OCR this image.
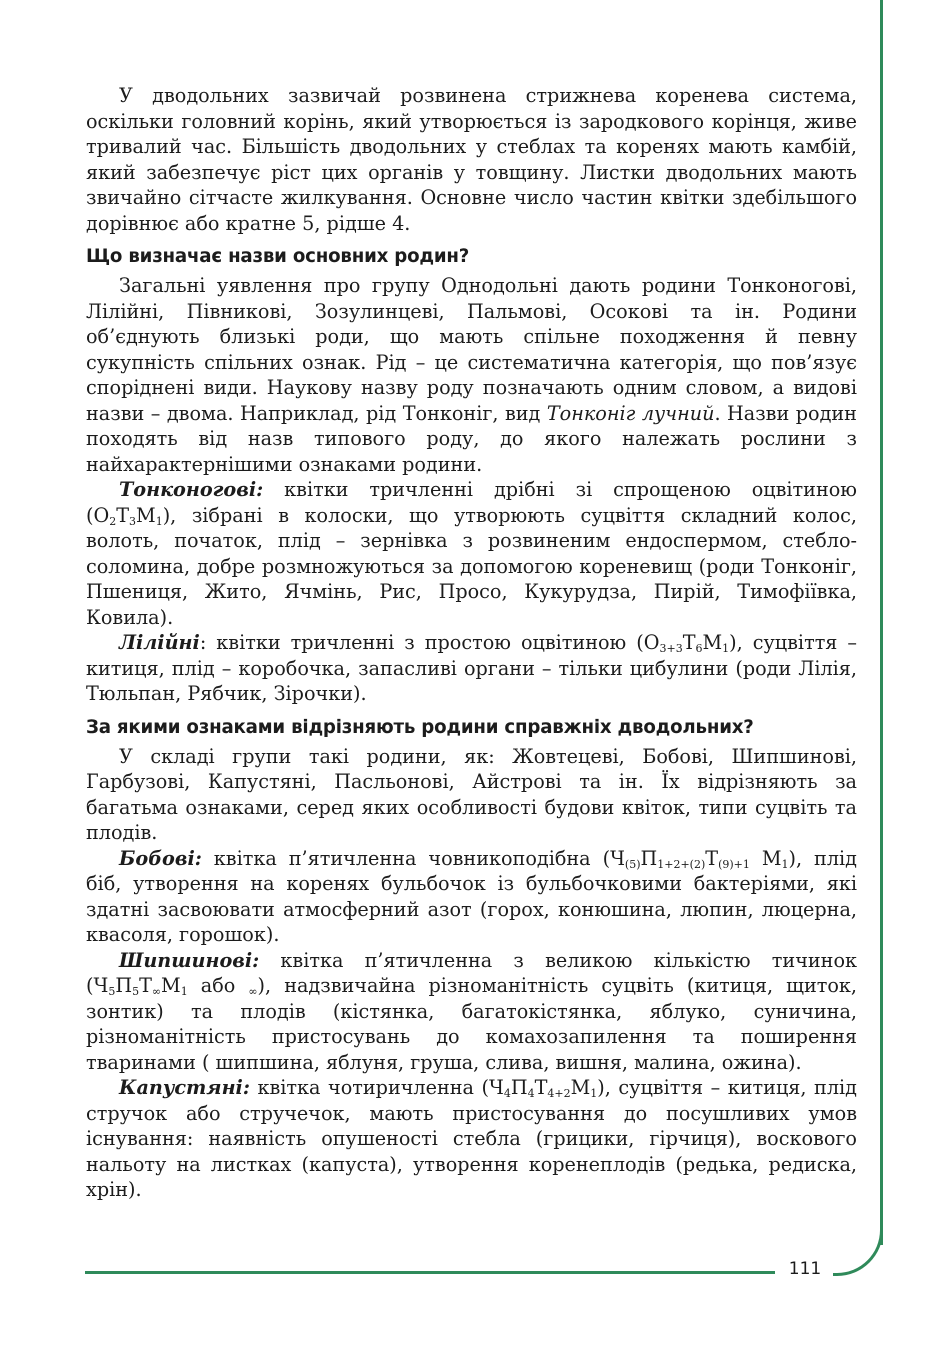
111

У дводольних зазвичай розвинена стрижнева коренева система, оскільки головний корінь, який утворюється із зародкового корінця, живе тривалий час. Більшість дводольних у стеблах та коренях мають камбій, який забезпечує ріст цих органів у товщину. Листки дводольних мають звичайно сітчасте жилкування. Основне число частин квітки здебільшого дорівнює або кратне 5, рідше 4.

Що визначає назви основних родин?

Загальні уявлення про групу Однодольні дають родини Тонконогові, Лілійні, Півникові, Зозулинцеві, Пальмові, Осокові та ін. Родини об’єднують близькі роди, що мають спільне походження й певну сукупність спільних ознак. Рід – це систематична категорія, що пов’язує споріднені види. Наукову назву роду позначають одним словом, а видові назви – двома. Наприклад, рід Тонконіг, вид Тонконіг лучний. Назви родин походять від назв типового роду, до якого належать рослини з найхарактернішими ознаками родини.

Тонконогові: квітки тричленні дрібні зі спрощеною оцвітиною $(О_2Т_3М_1)$, зібрані в колоски, що утворюють суцвіття складний колос, волоть, початок, плід – зернівка з розвиненим ендоспермом, стебло-соломина, добре розмножуються за допомогою кореневищ (роди Тонконіг, Пшениця, Жито, Ячмінь, Рис, Просо, Кукурудза, Пирій, Тимофіївка, Ковила).

Лілійні: квітки тричленні з простою оцвітиною $(О_{3+3}Т_6М_1)$, суцвіття – китиця, плід – коробочка, запасливі органи – тільки цибулини (роди Лілія, Тюльпан, Рябчик, Зірочки).

За якими ознаками відрізняють родини справжніх дводольних?

У складі групи такі родини, як: Жовтецеві, Бобові, Шипшинові, Гарбузові, Капустяні, Пасльонові, Айстрові та ін. Їх відрізняють за багатьма ознаками, серед яких особливості будови квіток, типи суцвіть та плодів.

Бобові: квітка п’ятичленна човникоподібна ($Ч_{(5)}П_{1+2+(2)}Т_{(9)+1}$ $М_1$), плід біб, утворення на коренях бульбочок із бульбочковими бактеріями, які здатні засвоювати атмосферний азот (горох, конюшина, люпин, люцерна, квасоля, горошок).

Шипшинові: квітка п’ятичленна з великою кількістю тичинок ($Ч_5П_5Т_\infty М_1$ або $_\infty$), надзвичайна різноманітність суцвіть (китиця, щиток, зонтик) та плодів (кістянка, багатокістянка, яблуко, суничина, різноманітність пристосувань до комахозапилення та поширення тваринами ( шипшина, яблуня, груша, слива, вишня, малина, ожина).

Капустяні: квітка чотиричленна $(Ч_4П_4Т_{4+2}М_1)$, суцвіття – китиця, плід стручок або стручечок, мають пристосування до посушливих умов існування: наявність опушеності стебла (грицики, гірчиця), воскового нальоту на листках (капуста), утворення коренеплодів (редька, редиска, хрін).
